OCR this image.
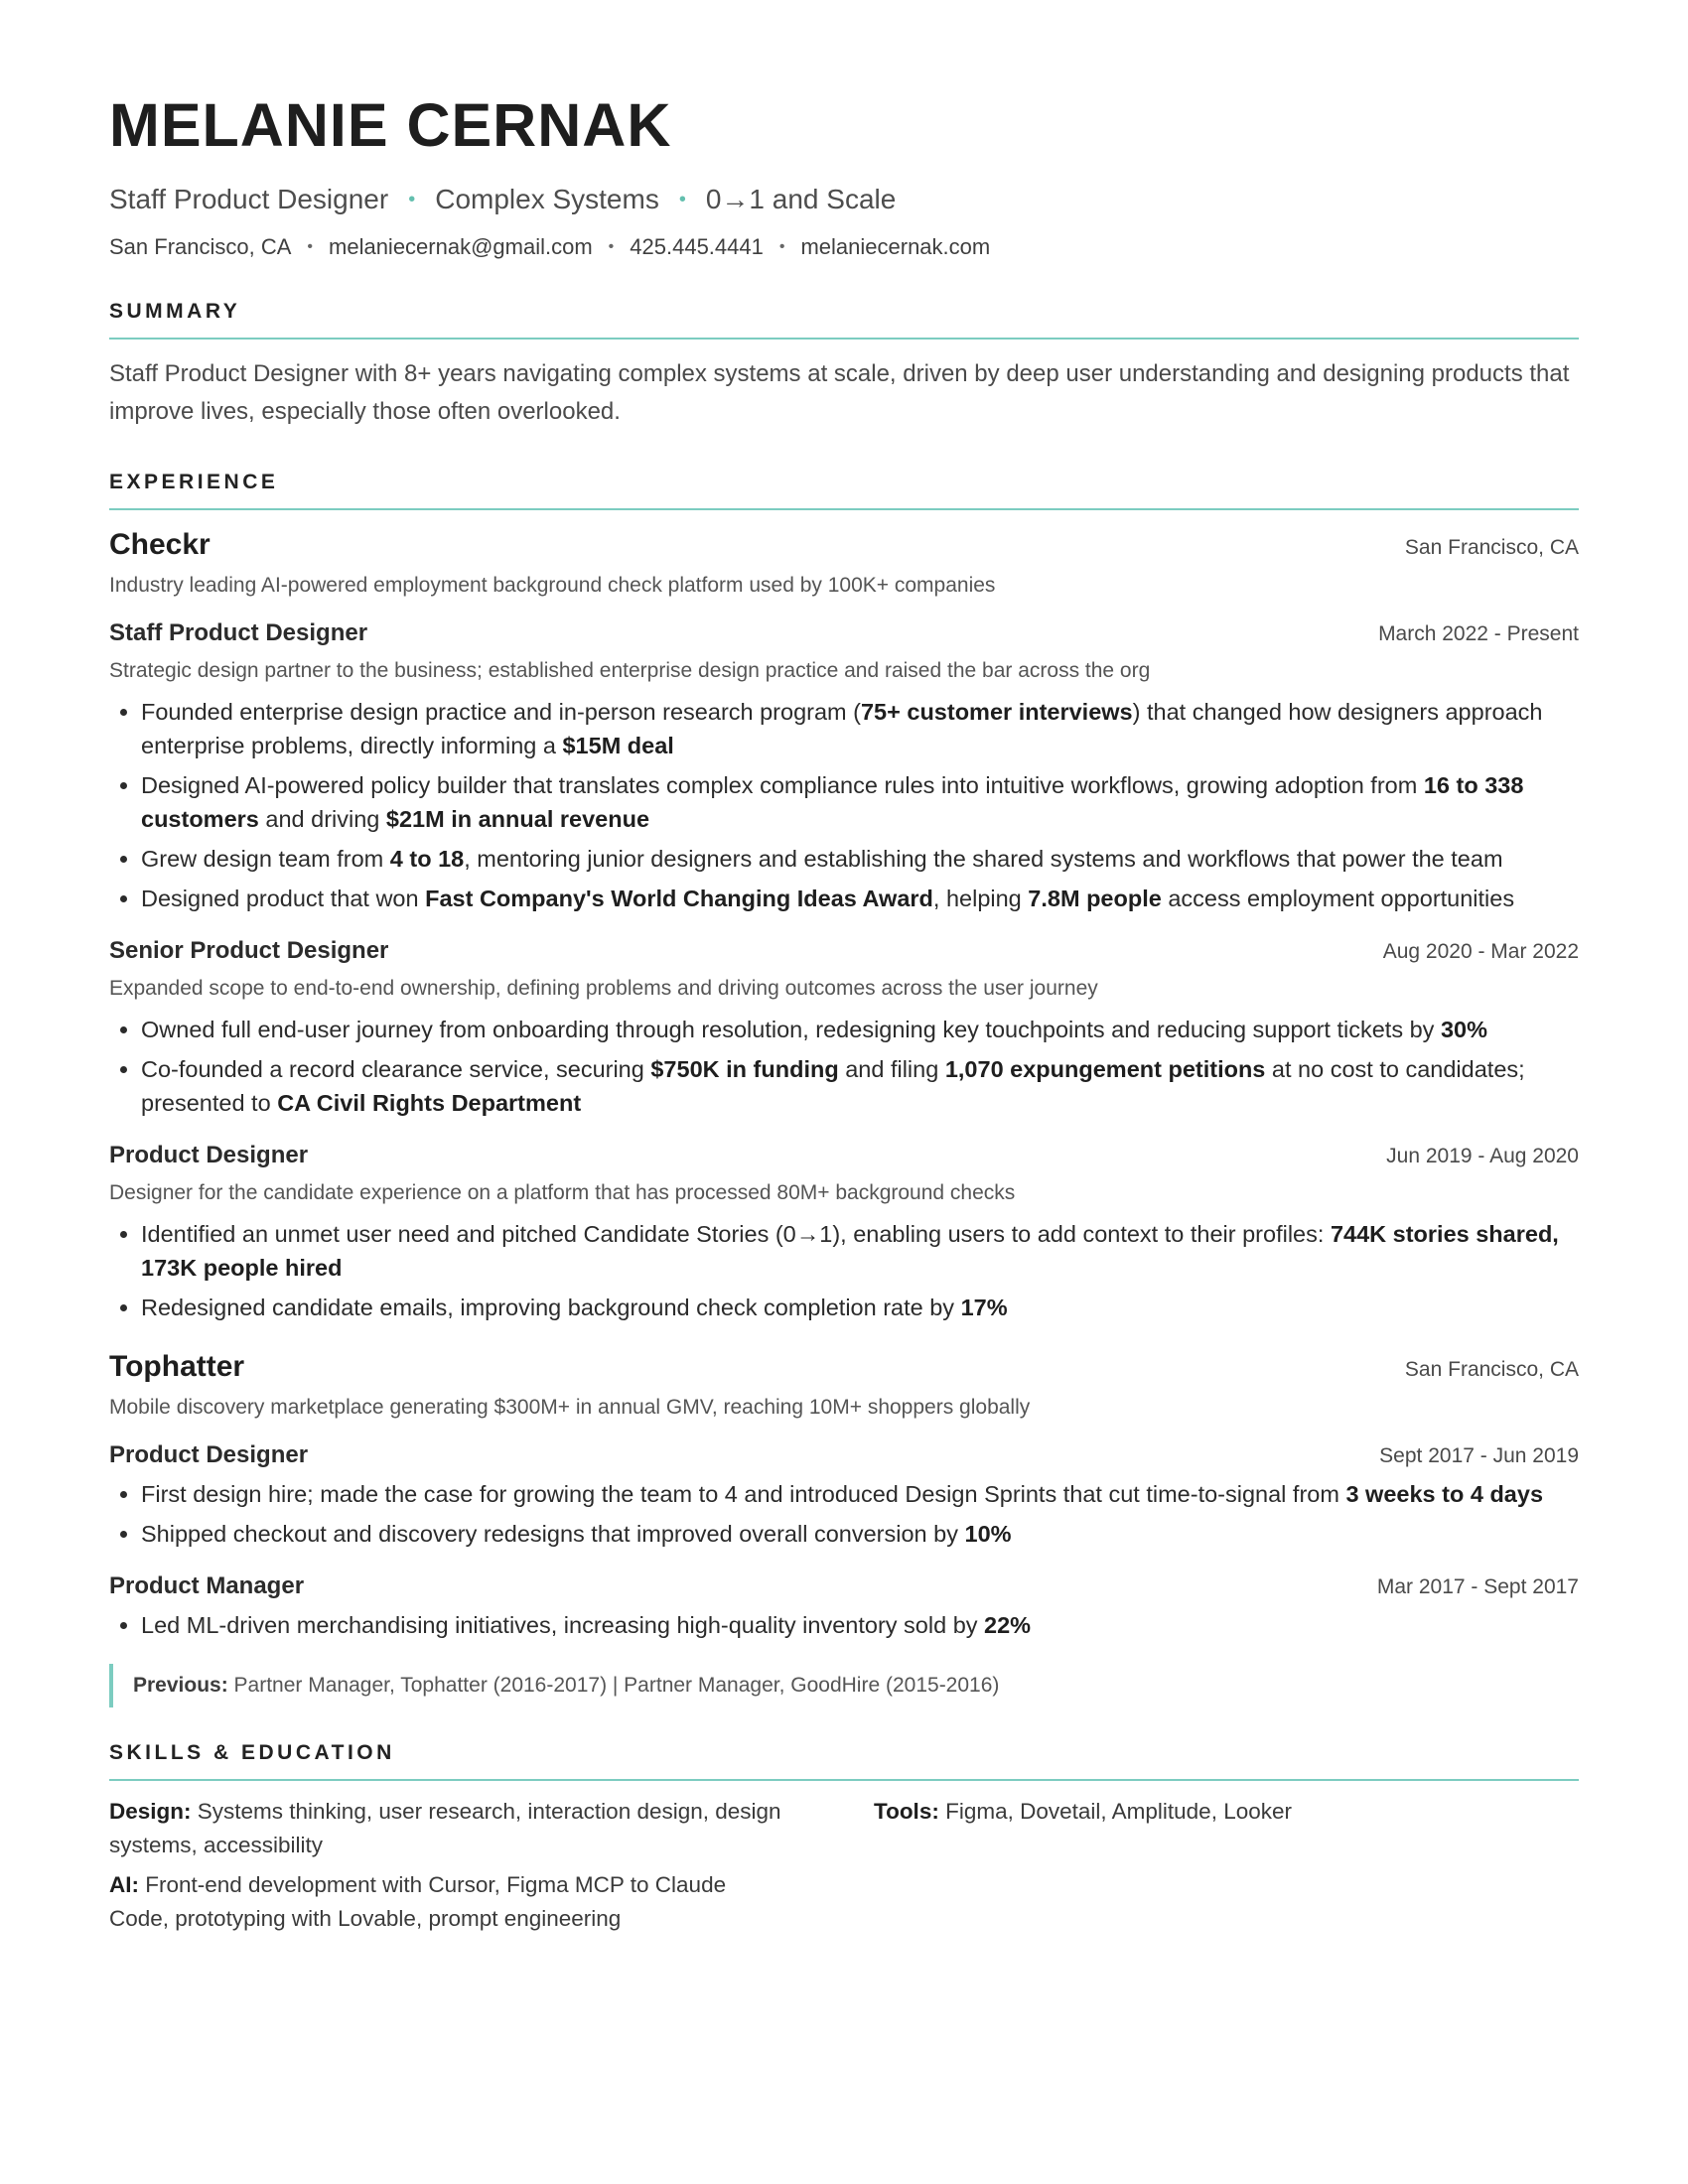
MELANIE CERNAK
Staff Product Designer • Complex Systems • 0→1 and Scale
San Francisco, CA • melaniecernak@gmail.com • 425.445.4441 • melaniecernak.com
SUMMARY
Staff Product Designer with 8+ years navigating complex systems at scale, driven by deep user understanding and designing products that improve lives, especially those often overlooked.
EXPERIENCE
Checkr	San Francisco, CA
Industry leading AI-powered employment background check platform used by 100K+ companies
Staff Product Designer	March 2022 - Present
Strategic design partner to the business; established enterprise design practice and raised the bar across the org
• Founded enterprise design practice and in-person research program (75+ customer interviews) that changed how designers approach enterprise problems, directly informing a $15M deal
• Designed AI-powered policy builder that translates complex compliance rules into intuitive workflows, growing adoption from 16 to 338 customers and driving $21M in annual revenue
• Grew design team from 4 to 18, mentoring junior designers and establishing the shared systems and workflows that power the team
• Designed product that won Fast Company's World Changing Ideas Award, helping 7.8M people access employment opportunities
Senior Product Designer	Aug 2020 - Mar 2022
Expanded scope to end-to-end ownership, defining problems and driving outcomes across the user journey
• Owned full end-user journey from onboarding through resolution, redesigning key touchpoints and reducing support tickets by 30%
• Co-founded a record clearance service, securing $750K in funding and filing 1,070 expungement petitions at no cost to candidates; presented to CA Civil Rights Department
Product Designer	Jun 2019 - Aug 2020
Designer for the candidate experience on a platform that has processed 80M+ background checks
• Identified an unmet user need and pitched Candidate Stories (0→1), enabling users to add context to their profiles: 744K stories shared, 173K people hired
• Redesigned candidate emails, improving background check completion rate by 17%
Tophatter	San Francisco, CA
Mobile discovery marketplace generating $300M+ in annual GMV, reaching 10M+ shoppers globally
Product Designer	Sept 2017 - Jun 2019
• First design hire; made the case for growing the team to 4 and introduced Design Sprints that cut time-to-signal from 3 weeks to 4 days
• Shipped checkout and discovery redesigns that improved overall conversion by 10%
Product Manager	Mar 2017 - Sept 2017
• Led ML-driven merchandising initiatives, increasing high-quality inventory sold by 22%
Previous: Partner Manager, Tophatter (2016-2017) | Partner Manager, GoodHire (2015-2016)
SKILLS & EDUCATION
Design: Systems thinking, user research, interaction design, design systems, accessibility
AI: Front-end development with Cursor, Figma MCP to Claude Code, prototyping with Lovable, prompt engineering
Tools: Figma, Dovetail, Amplitude, Looker
